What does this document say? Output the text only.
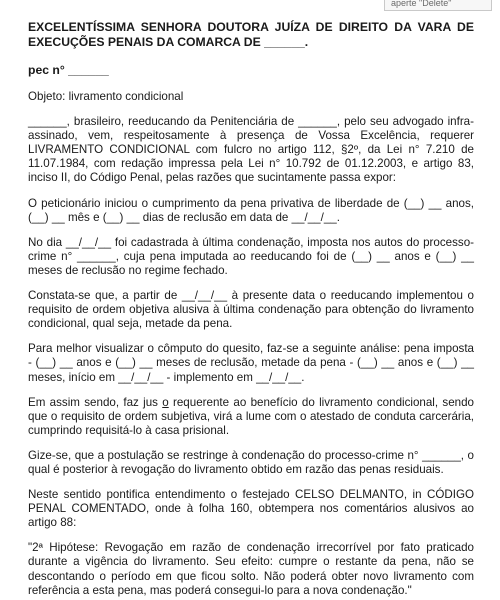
aperte "Delete"

EXCELENTÍSSIMA SENHORA DOUTORA JUÍZA DE DIREITO DA VARA DE EXECUÇÕES PENAIS DA COMARCA DE ______.

pec n° ______

Objeto: livramento condicional

______, brasileiro, reeducando da Penitenciária de ______, pelo seu advogado infra-assinado, vem, respeitosamente à presença de Vossa Excelência, requerer LIVRAMENTO CONDICIONAL com fulcro no artigo 112, §2º, da Lei n° 7.210 de 11.07.1984, com redação impressa pela Lei n° 10.792 de 01.12.2003, e artigo 83, inciso II, do Código Penal, pelas razões que sucintamente passa expor:

O peticionário iniciou o cumprimento da pena privativa de liberdade de (__) __ anos, (__) __ mês e (__) __ dias de reclusão em data de __/__/__.

No dia __/__/__ foi cadastrada à última condenação, imposta nos autos do processo-crime n° ______, cuja pena imputada ao reeducando foi de (__) __ anos e (__) __ meses de reclusão no regime fechado.

Constata-se que, a partir de __/__/__ à presente data o reeducando implementou o requisito de ordem objetiva alusiva à última condenação para obtenção do livramento condicional, qual seja, metade da pena.

Para melhor visualizar o cômputo do quesito, faz-se a seguinte análise: pena imposta - (__) __ anos e (__) __ meses de reclusão, metade da pena - (__) __ anos e (__) __ meses, início em __/__/__ - implemento em __/__/__.

Em assim sendo, faz jus o requerente ao benefício do livramento condicional, sendo que o requisito de ordem subjetiva, virá a lume com o atestado de conduta carcerária, cumprindo requisitá-lo à casa prisional.

Gize-se, que a postulação se restringe à condenação do processo-crime n° ______, o qual é posterior à revogação do livramento obtido em razão das penas residuais.

Neste sentido pontifica entendimento o festejado CELSO DELMANTO, in CÓDIGO PENAL COMENTADO, onde à folha 160, obtempera nos comentários alusivos ao artigo 88:

"2ª Hipótese: Revogação em razão de condenação irrecorrível por fato praticado durante a vigência do livramento. Seu efeito: cumpre o restante da pena, não se descontando o período em que ficou solto. Não poderá obter novo livramento com referência a esta pena, mas poderá consegui-lo para a nova condenação."
